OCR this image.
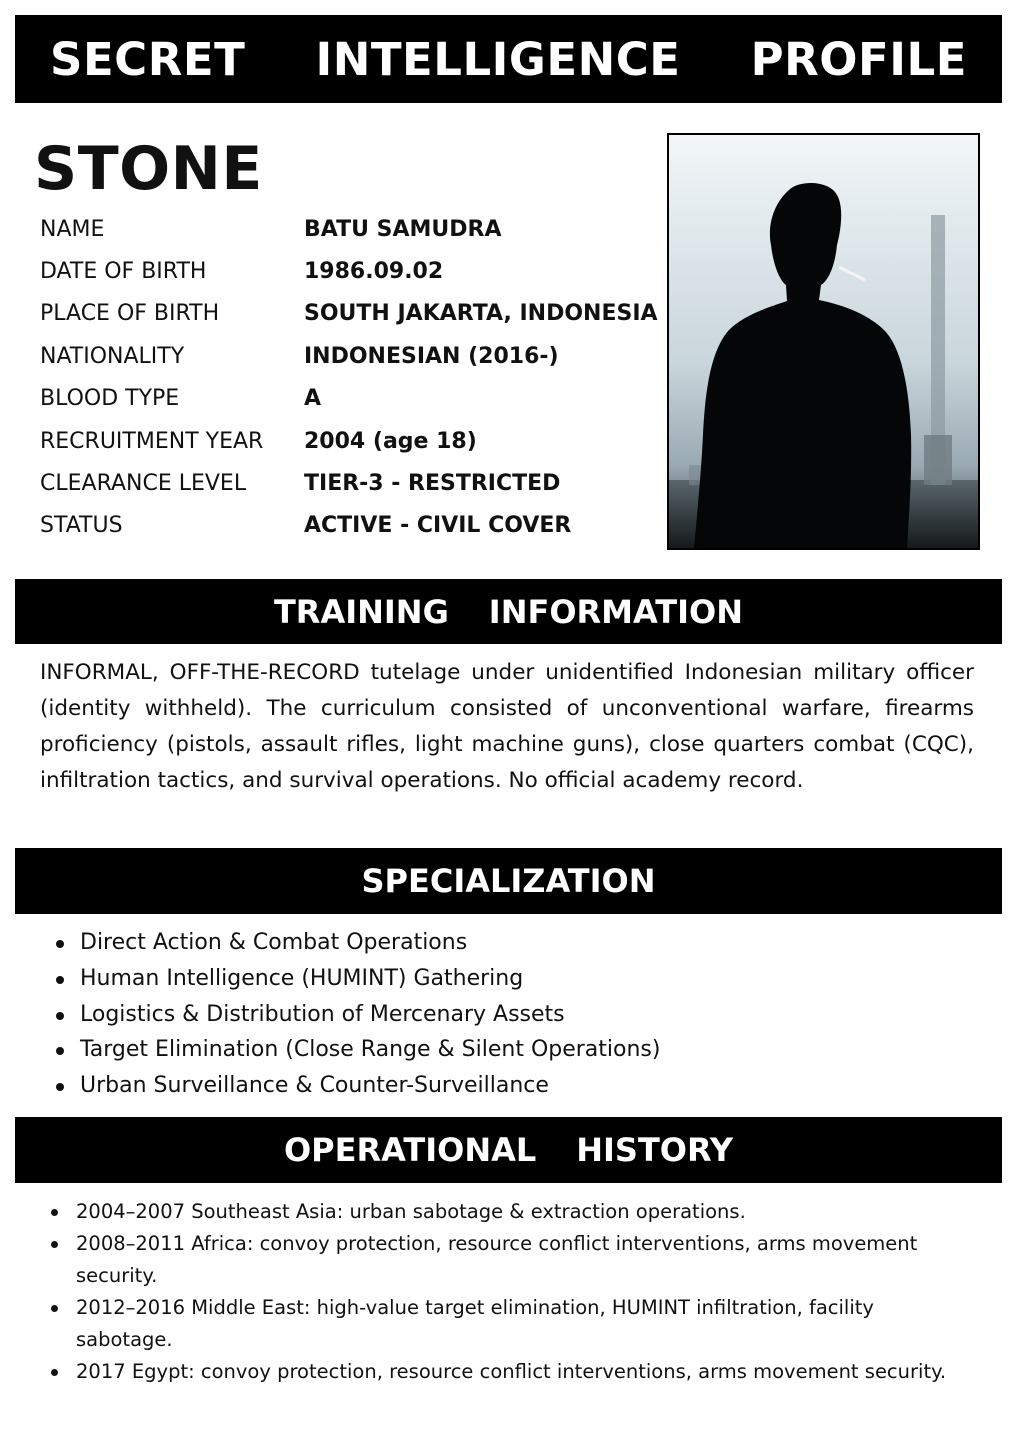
SECRET INTELLIGENCE PROFILE
STONE
NAME	BATU SAMUDRA
DATE OF BIRTH	1986.09.02
PLACE OF BIRTH	SOUTH JAKARTA, INDONESIA
NATIONALITY	INDONESIAN (2016-)
BLOOD TYPE	A
RECRUITMENT YEAR	2004 (age 18)
CLEARANCE LEVEL	TIER-3 - RESTRICTED
STATUS	ACTIVE - CIVIL COVER
TRAINING INFORMATION
INFORMAL, OFF-THE-RECORD tutelage under unidentified Indonesian military officer (identity withheld). The curriculum consisted of unconventional warfare, firearms proficiency (pistols, assault rifles, light machine guns), close quarters combat (CQC), infiltration tactics, and survival operations. No official academy record.
SPECIALIZATION
Direct Action & Combat Operations
Human Intelligence (HUMINT) Gathering
Logistics & Distribution of Mercenary Assets
Target Elimination (Close Range & Silent Operations)
Urban Surveillance & Counter-Surveillance
OPERATIONAL HISTORY
2004–2007 Southeast Asia: urban sabotage & extraction operations.
2008–2011 Africa: convoy protection, resource conflict interventions, arms movement security.
2012–2016 Middle East: high-value target elimination, HUMINT infiltration, facility sabotage.
2017 Egypt: convoy protection, resource conflict interventions, arms movement security.
